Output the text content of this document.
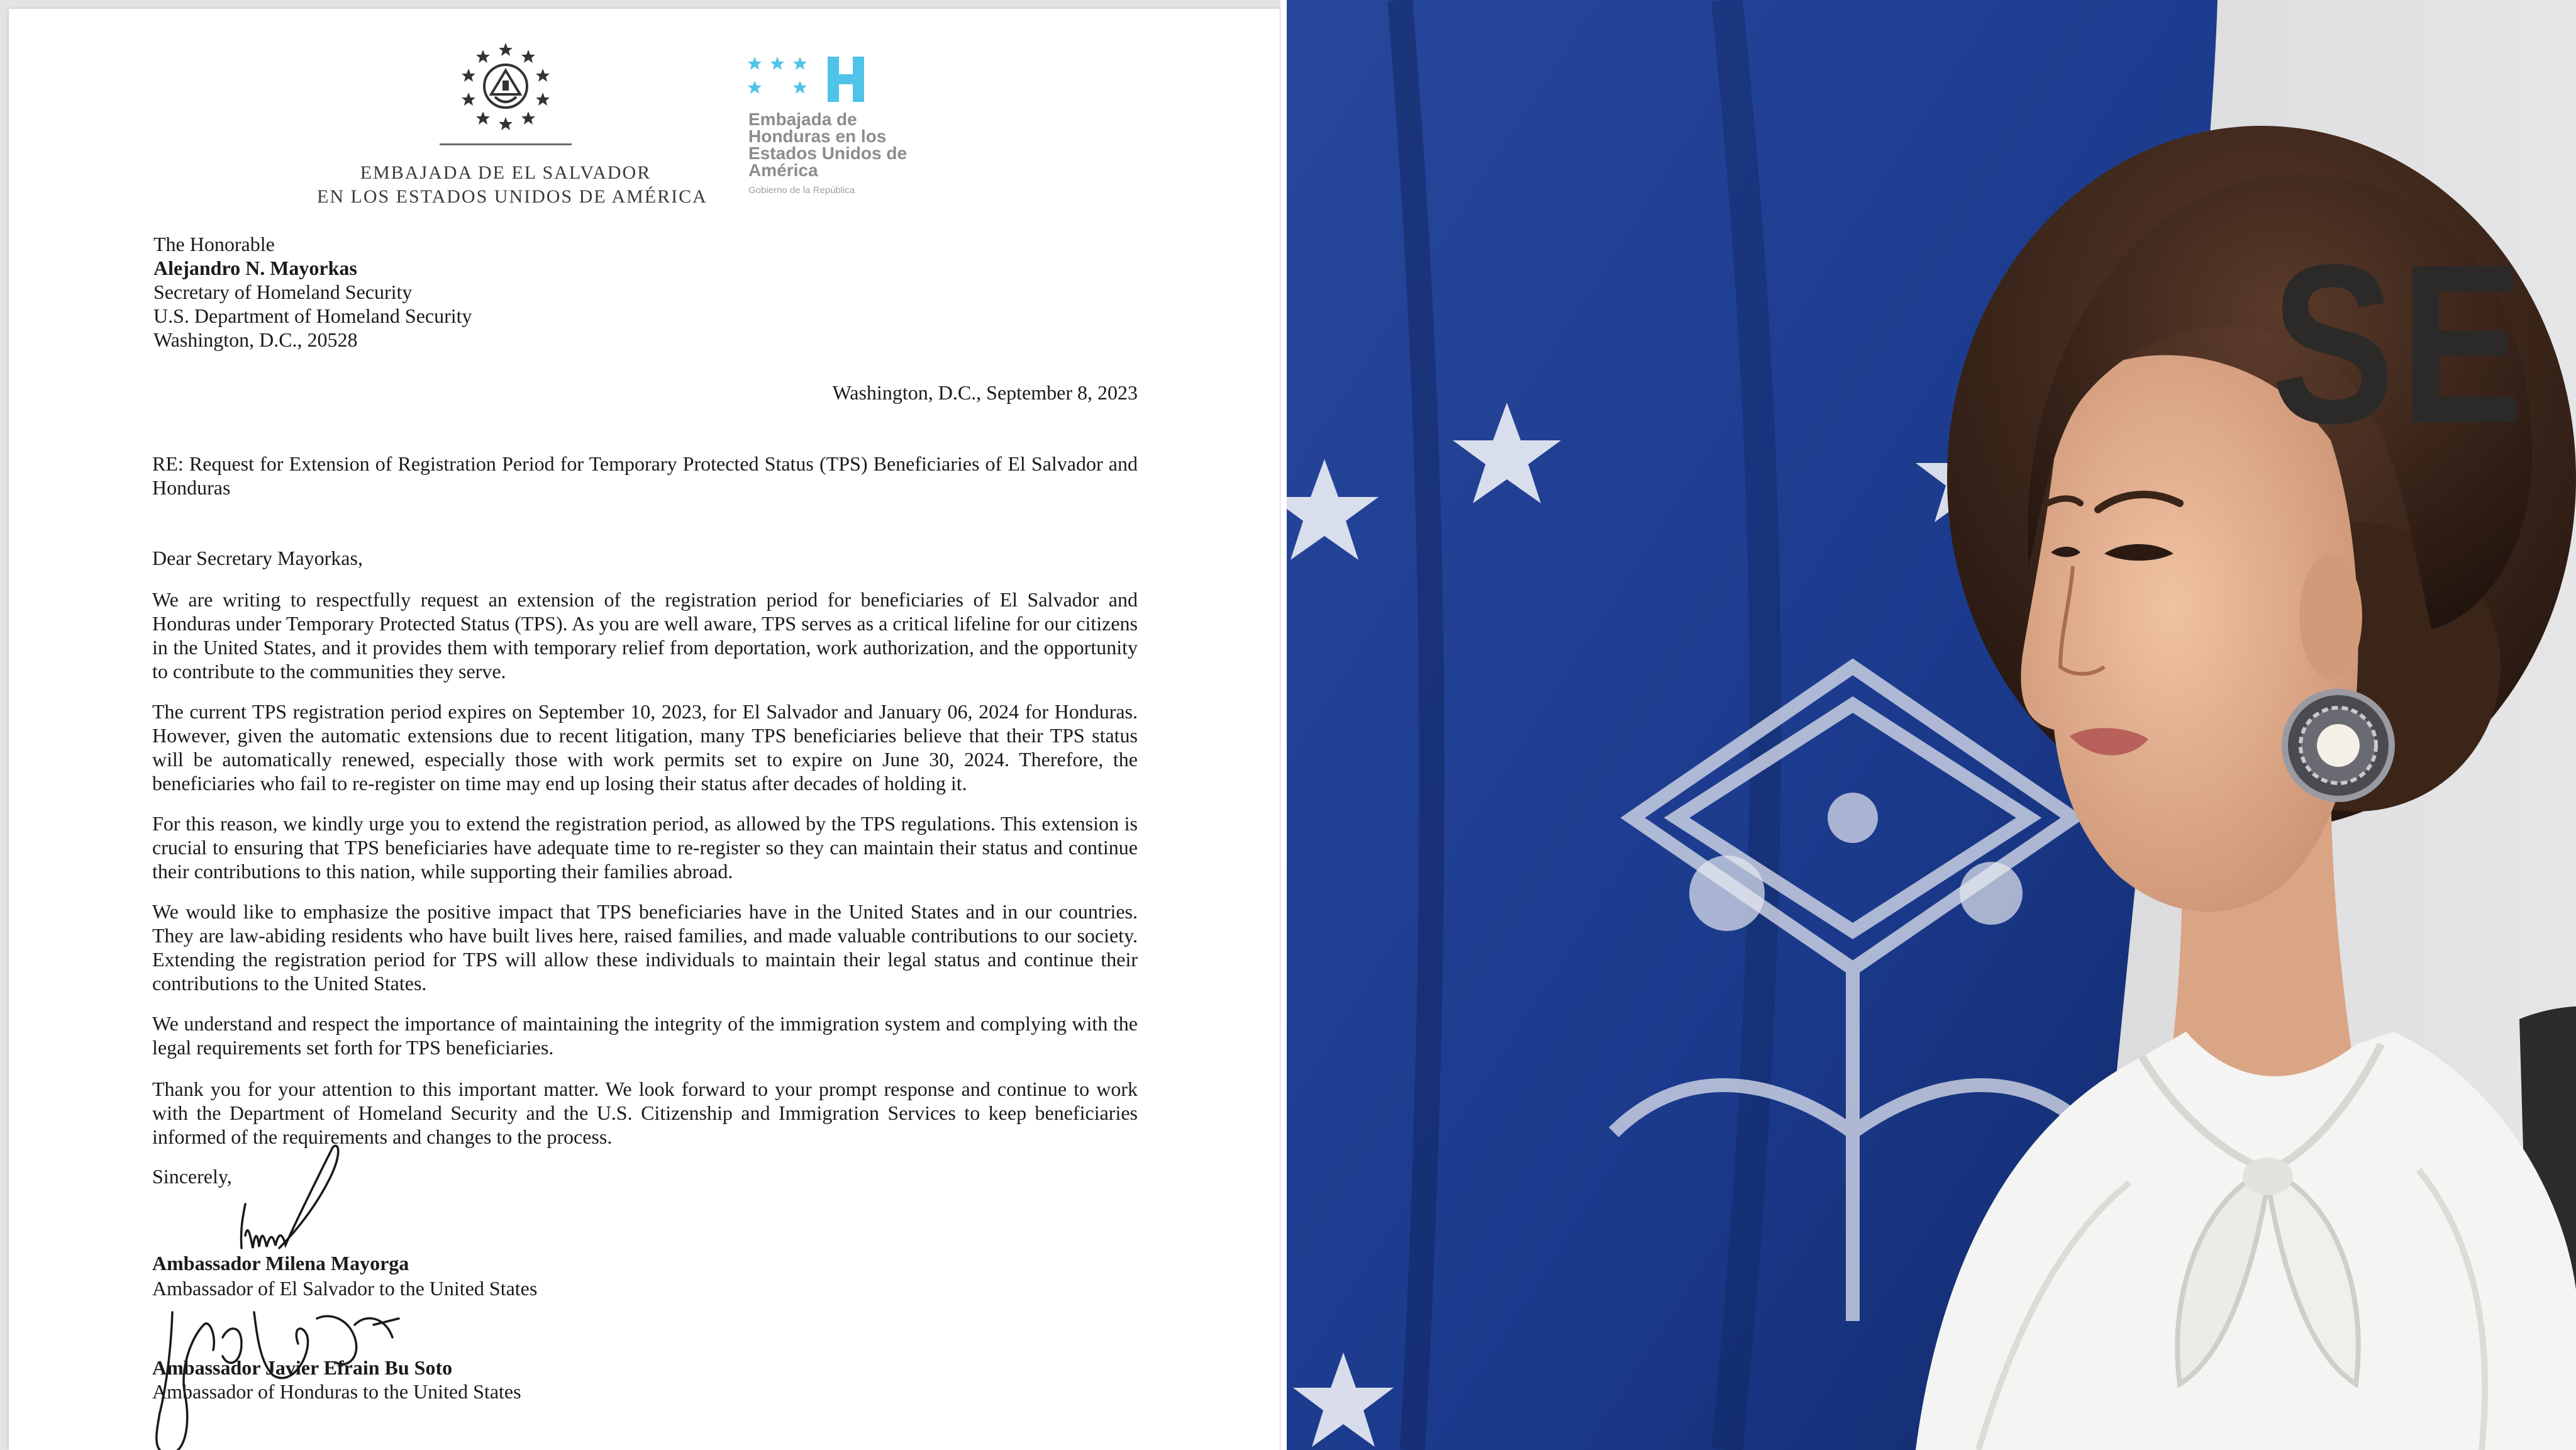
EMBAJADA DE EL SALVADOR
EN LOS ESTADOS UNIDOS DE AMÉRICA
Embajada de
Honduras en los
Estados Unidos de
América
Gobierno de la República
The Honorable
Alejandro N. Mayorkas
Secretary of Homeland Security
U.S. Department of Homeland Security
Washington, D.C., 20528
Washington, D.C., September 8, 2023
RE: Request for Extension of Registration Period for Temporary Protected Status (TPS) Beneficiaries of El Salvador and Honduras
Dear Secretary Mayorkas,
We are writing to respectfully request an extension of the registration period for beneficiaries of El Salvador and Honduras under Temporary Protected Status (TPS). As you are well aware, TPS serves as a critical lifeline for our citizens in the United States, and it provides them with temporary relief from deportation, work authorization, and the opportunity to contribute to the communities they serve.
The current TPS registration period expires on September 10, 2023, for El Salvador and January 06, 2024 for Honduras. However, given the automatic extensions due to recent litigation, many TPS beneficiaries believe that their TPS status will be automatically renewed, especially those with work permits set to expire on June 30, 2024. Therefore, the beneficiaries who fail to re-register on time may end up losing their status after decades of holding it.
For this reason, we kindly urge you to extend the registration period, as allowed by the TPS regulations. This extension is crucial to ensuring that TPS beneficiaries have adequate time to re-register so they can maintain their status and continue their contributions to this nation, while supporting their families abroad.
We would like to emphasize the positive impact that TPS beneficiaries have in the United States and in our countries. They are law-abiding residents who have built lives here, raised families, and made valuable contributions to our society. Extending the registration period for TPS will allow these individuals to maintain their legal status and continue their contributions to the United States.
We understand and respect the importance of maintaining the integrity of the immigration system and complying with the legal requirements set forth for TPS beneficiaries.
Thank you for your attention to this important matter. We look forward to your prompt response and continue to work with the Department of Homeland Security and the U.S. Citizenship and Immigration Services to keep beneficiaries informed of the requirements and changes to the process.
Sincerely,
Ambassador Milena Mayorga
Ambassador of El Salvador to the United States
Ambassador Javier Efrain Bu Soto
Ambassador of Honduras to the United States
SE
